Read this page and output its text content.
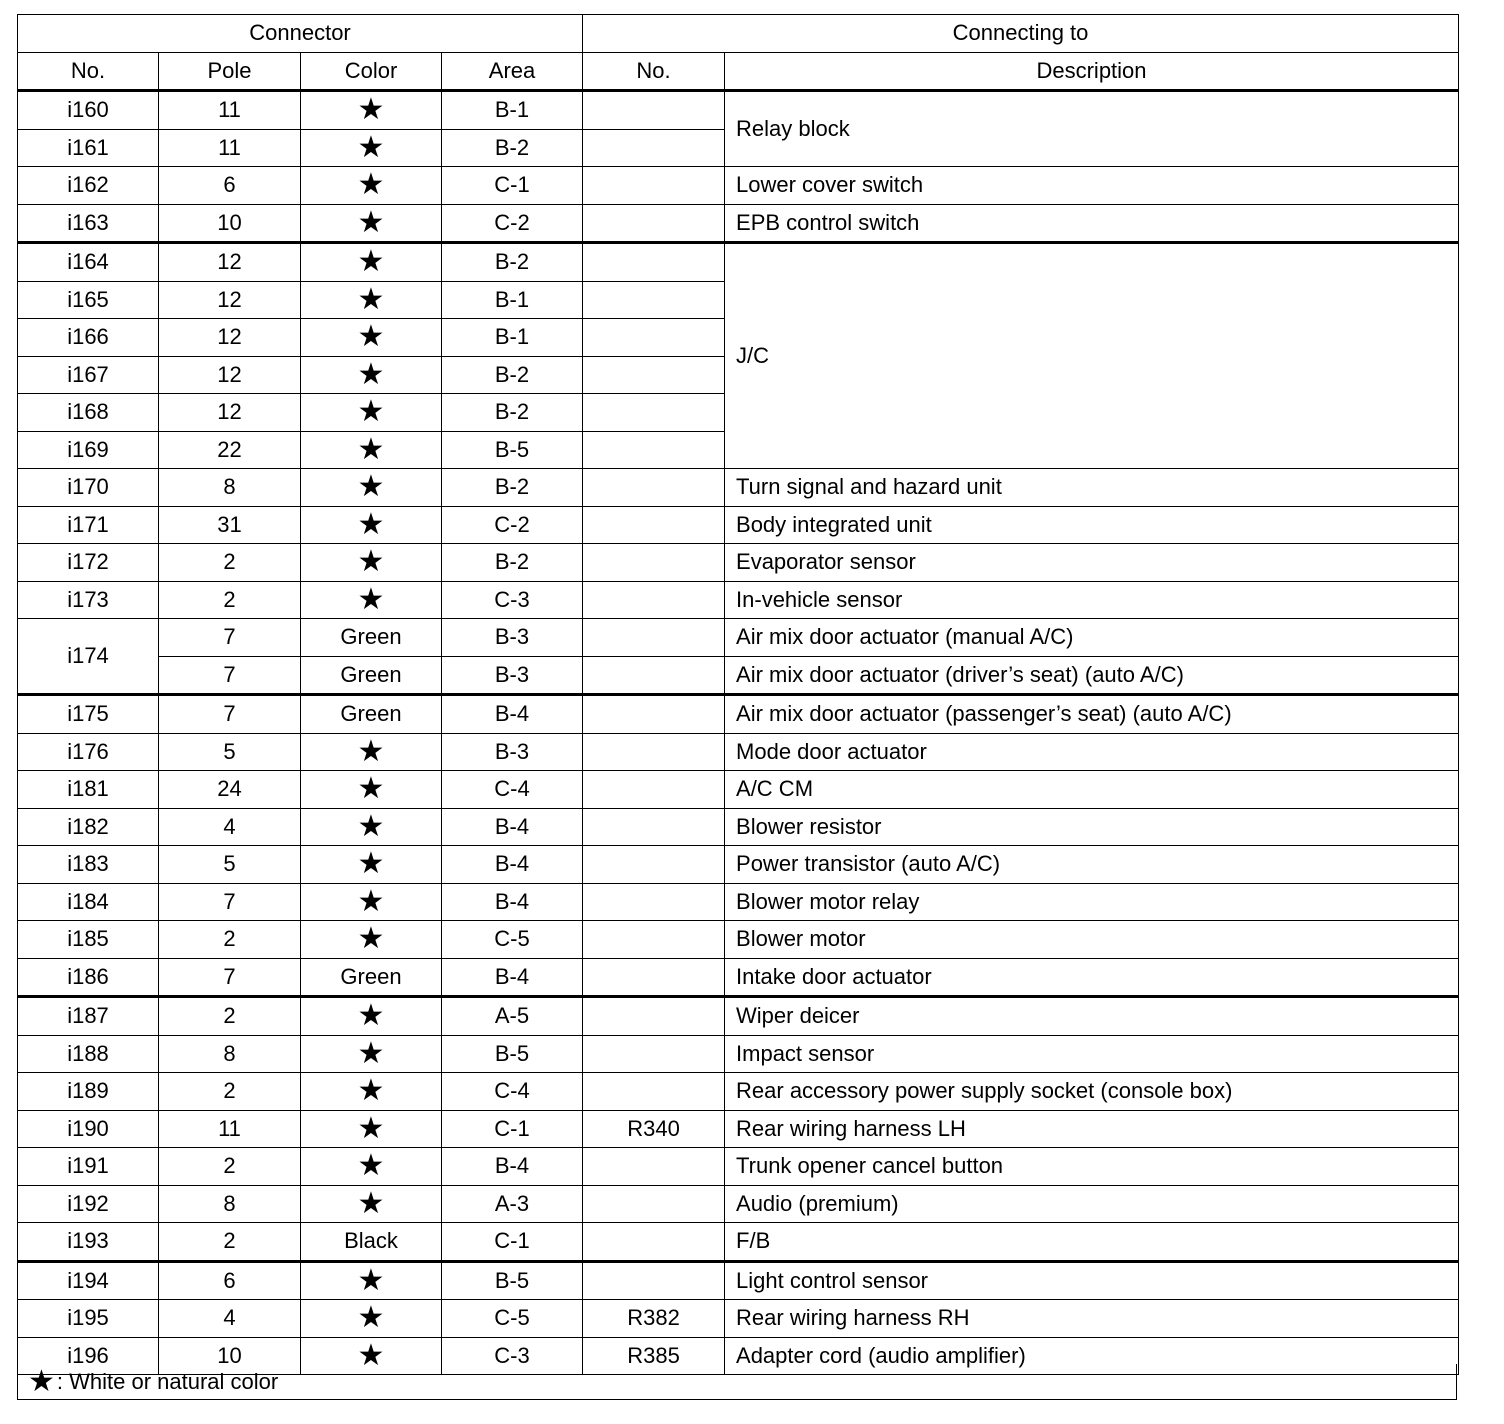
Connector				Connecting to	
No.	Pole	Color	Area	No.	Description
i160	11	★	B-1		Relay block
i161	11	★	B-2		
i162	6	★	C-1		Lower cover switch
i163	10	★	C-2		EPB control switch
i164	12	★	B-2		J/C
i165	12	★	B-1		
i166	12	★	B-1		
i167	12	★	B-2		
i168	12	★	B-2		
i169	22	★	B-5		
i170	8	★	B-2		Turn signal and hazard unit
i171	31	★	C-2		Body integrated unit
i172	2	★	B-2		Evaporator sensor
i173	2	★	C-3		In-vehicle sensor
i174	7	Green	B-3		Air mix door actuator (manual A/C)
	7	Green	B-3		Air mix door actuator (driver’s seat) (auto A/C)
i175	7	Green	B-4		Air mix door actuator (passenger’s seat) (auto A/C)
i176	5	★	B-3		Mode door actuator
i181	24	★	C-4		A/C CM
i182	4	★	B-4		Blower resistor
i183	5	★	B-4		Power transistor (auto A/C)
i184	7	★	B-4		Blower motor relay
i185	2	★	C-5		Blower motor
i186	7	Green	B-4		Intake door actuator
i187	2	★	A-5		Wiper deicer
i188	8	★	B-5		Impact sensor
i189	2	★	C-4		Rear accessory power supply socket (console box)
i190	11	★	C-1	R340	Rear wiring harness LH
i191	2	★	B-4		Trunk opener cancel button
i192	8	★	A-3		Audio (premium)
i193	2	Black	C-1		F/B
i194	6	★	B-5		Light control sensor
i195	4	★	C-5	R382	Rear wiring harness RH
i196	10	★	C-3	R385	Adapter cord (audio amplifier)
★ : White or natural color
